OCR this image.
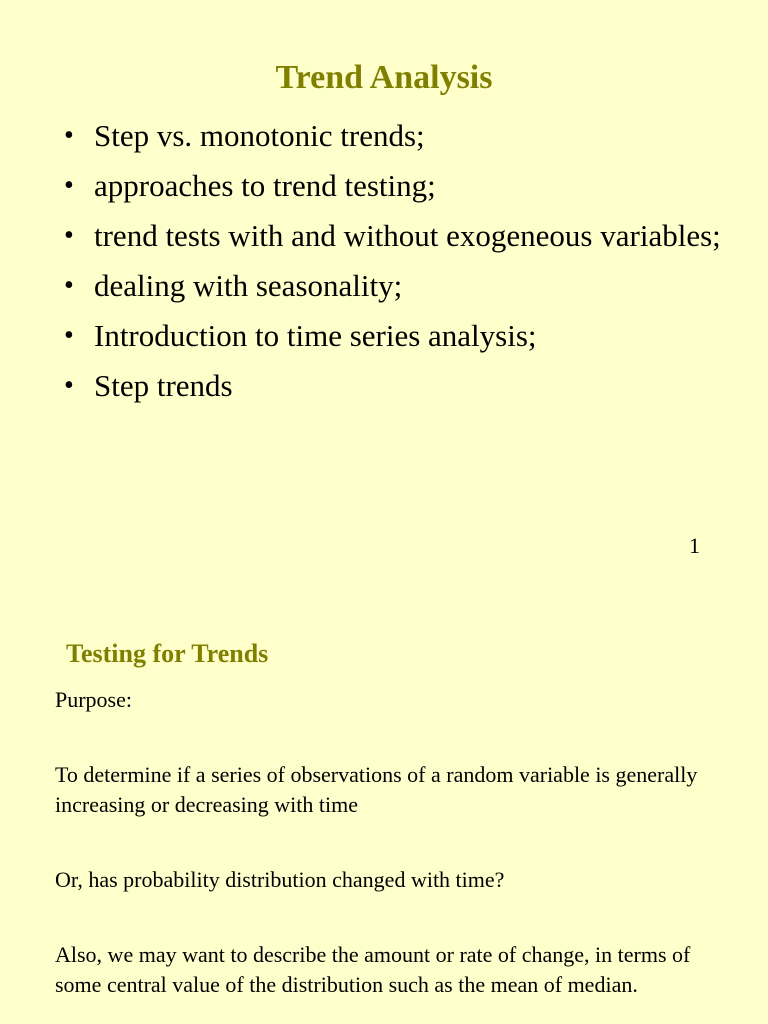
Trend Analysis
• Step vs. monotonic trends;
• approaches to trend testing;
• trend tests with and without exogeneous variables;
• dealing with seasonality;
• Introduction to time series analysis;
• Step trends
1
Testing for Trends

Purpose:

To determine if a series of observations of a random variable is generally increasing or decreasing with time

Or, has probability distribution changed with time?

Also, we may want to describe the amount or rate of change, in terms of some central value of the distribution such as the mean of median.
